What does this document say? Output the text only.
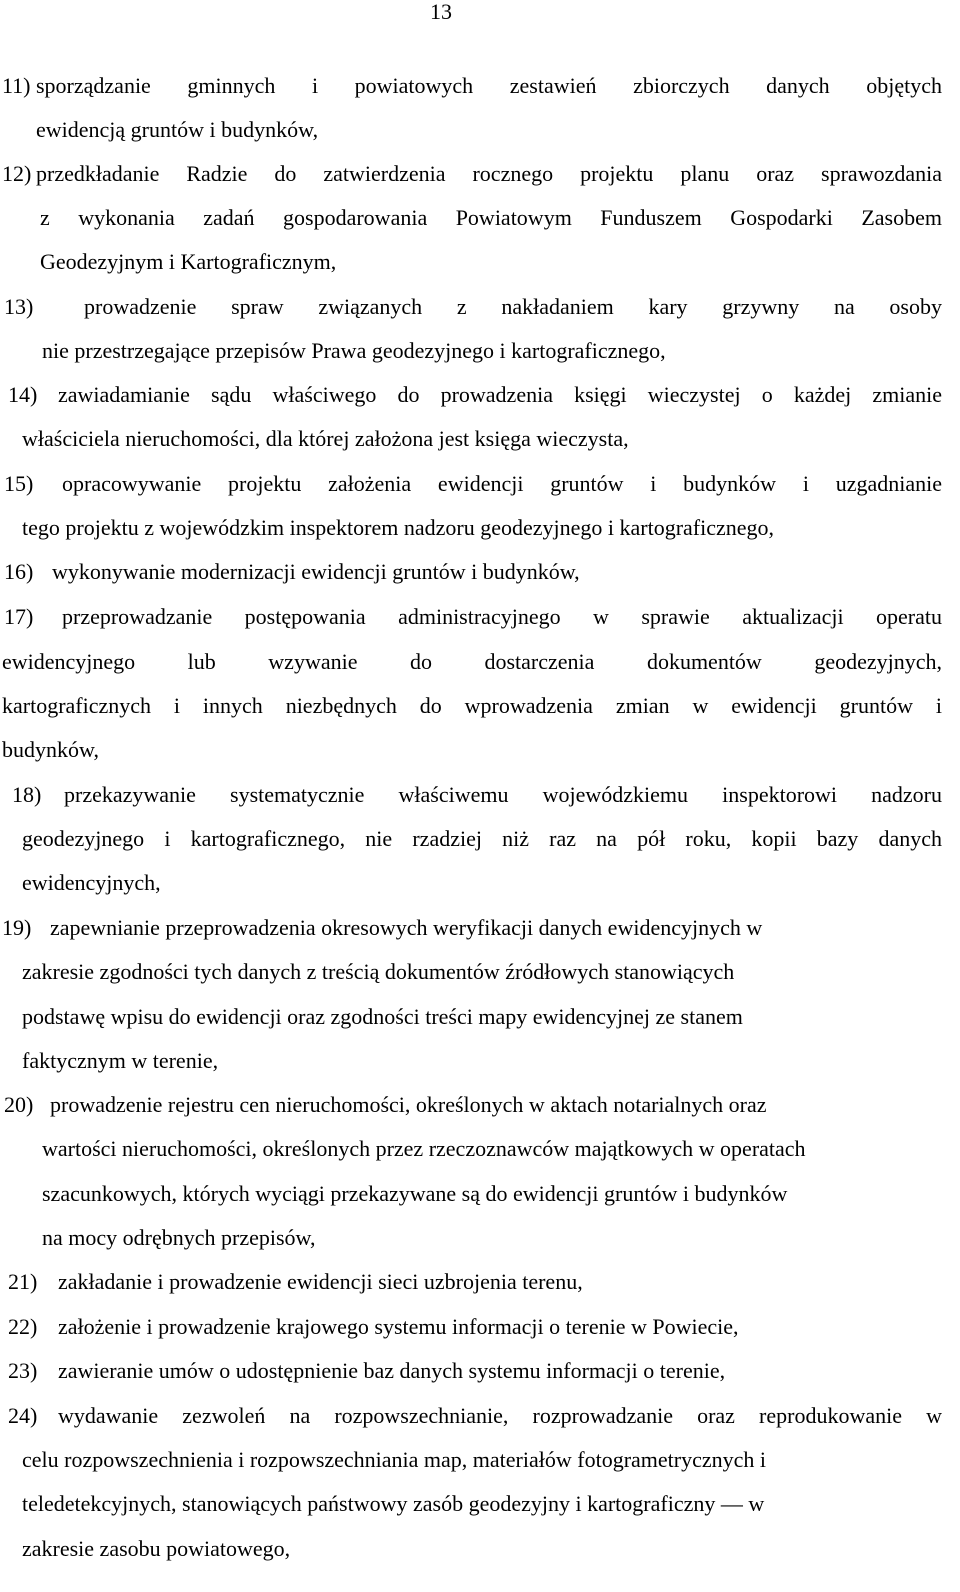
13
11) sporządzanie gminnych i powiatowych zestawień zbiorczych danych objętych
ewidencją gruntów i budynków,
12) przedkładanie Radzie do zatwierdzenia rocznego projektu planu oraz sprawozdania
z wykonania zadań gospodarowania Powiatowym Funduszem Gospodarki Zasobem
Geodezyjnym i Kartograficznym,
13) prowadzenie spraw związanych z nakładaniem kary grzywny na osoby
nie przestrzegające przepisów Prawa geodezyjnego i kartograficznego,
14) zawiadamianie sądu właściwego do prowadzenia księgi wieczystej o każdej zmianie
właściciela nieruchomości, dla której założona jest księga wieczysta,
15) opracowywanie projektu założenia ewidencji gruntów i budynków i uzgadnianie
tego projektu z wojewódzkim inspektorem nadzoru geodezyjnego i kartograficznego,
16) wykonywanie modernizacji ewidencji gruntów i budynków,
17) przeprowadzanie postępowania administracyjnego w sprawie aktualizacji operatu
ewidencyjnego lub wzywanie do dostarczenia dokumentów geodezyjnych,
kartograficznych i innych niezbędnych do wprowadzenia zmian w ewidencji gruntów i
budynków,
18) przekazywanie systematycznie właściwemu wojewódzkiemu inspektorowi nadzoru
geodezyjnego i kartograficznego, nie rzadziej niż raz na pół roku, kopii bazy danych
ewidencyjnych,
19) zapewnianie przeprowadzenia okresowych weryfikacji danych ewidencyjnych w
zakresie zgodności tych danych z treścią dokumentów źródłowych stanowiących
podstawę wpisu do ewidencji oraz zgodności treści mapy ewidencyjnej ze stanem
faktycznym w terenie,
20) prowadzenie rejestru cen nieruchomości, określonych w aktach notarialnych oraz
wartości nieruchomości, określonych przez rzeczoznawców majątkowych w operatach
szacunkowych, których wyciągi przekazywane są do ewidencji gruntów i budynków
na mocy odrębnych przepisów,
21) zakładanie i prowadzenie ewidencji sieci uzbrojenia terenu,
22) założenie i prowadzenie krajowego systemu informacji o terenie w Powiecie,
23) zawieranie umów o udostępnienie baz danych systemu informacji o terenie,
24) wydawanie zezwoleń na rozpowszechnianie, rozprowadzanie oraz reprodukowanie w
celu rozpowszechnienia i rozpowszechniania map, materiałów fotogrametrycznych i
teledetekcyjnych, stanowiących państwowy zasób geodezyjny i kartograficzny — w
zakresie zasobu powiatowego,
